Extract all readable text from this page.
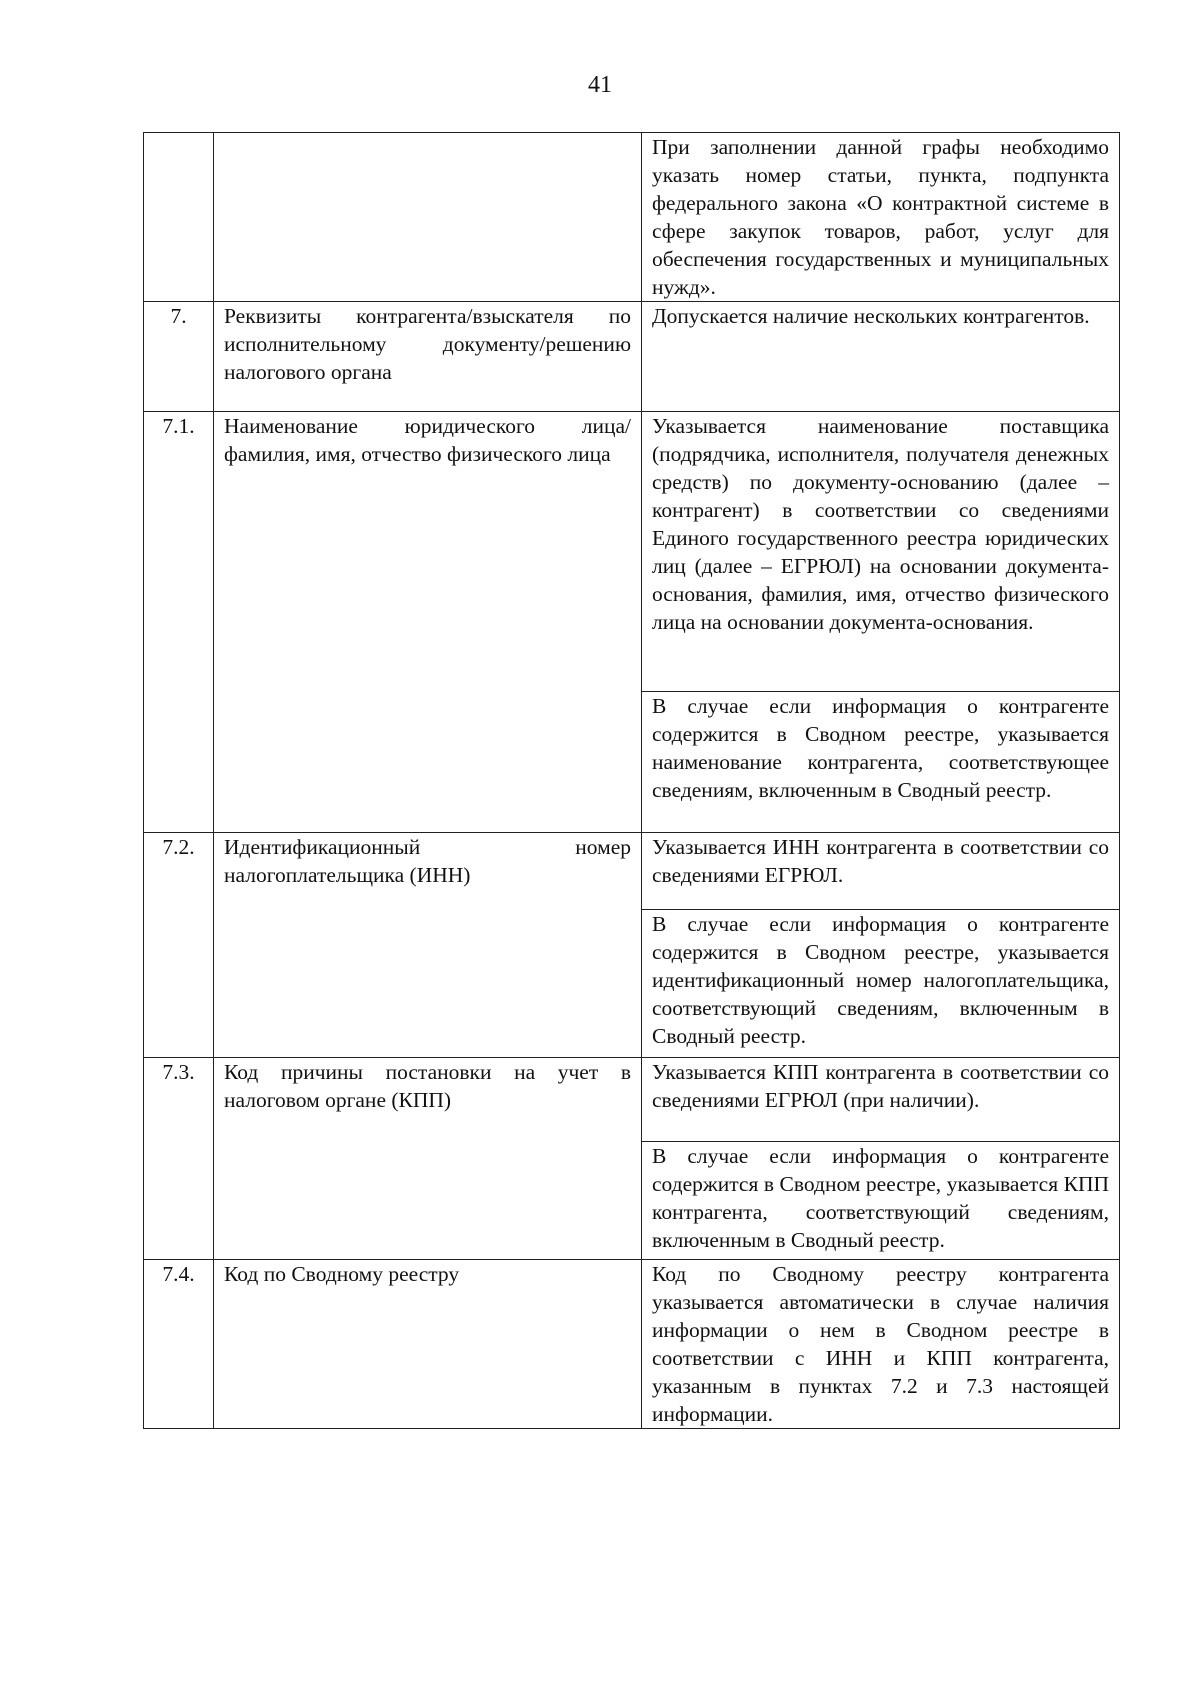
41

		При заполнении данной графы необходимо указать номер статьи, пункта, подпункта федерального закона «О контрактной системе в сфере закупок товаров, работ, услуг для обеспечения государственных и муниципальных нужд».

7.	Реквизиты контрагента/взыскателя по исполнительному документу/решению налогового органа	Допускается наличие нескольких контрагентов.

7.1.	Наименование юридического лица/фамилия, имя, отчество физического лица	Указывается наименование поставщика (подрядчика, исполнителя, получателя денежных средств) по документу-основанию (далее – контрагент) в соответствии со сведениями Единого государственного реестра юридических лиц (далее – ЕГРЮЛ) на основании документа-основания, фамилия, имя, отчество физического лица на основании документа-основания.
В случае если информация о контрагенте содержится в Сводном реестре, указывается наименование контрагента, соответствующее сведениям, включенным в Сводный реестр.

7.2.	Идентификационный номер налогоплательщика (ИНН)	Указывается ИНН контрагента в соответствии со сведениями ЕГРЮЛ.
В случае если информация о контрагенте содержится в Сводном реестре, указывается идентификационный номер налогоплательщика, соответствующий сведениям, включенным в Сводный реестр.

7.3.	Код причины постановки на учет в налоговом органе (КПП)	Указывается КПП контрагента в соответствии со сведениями ЕГРЮЛ (при наличии).
В случае если информация о контрагенте содержится в Сводном реестре, указывается КПП контрагента, соответствующий сведениям, включенным в Сводный реестр.

7.4.	Код по Сводному реестру	Код по Сводному реестру контрагента указывается автоматически в случае наличия информации о нем в Сводном реестре в соответствии с ИНН и КПП контрагента, указанным в пунктах 7.2 и 7.3 настоящей информации.
